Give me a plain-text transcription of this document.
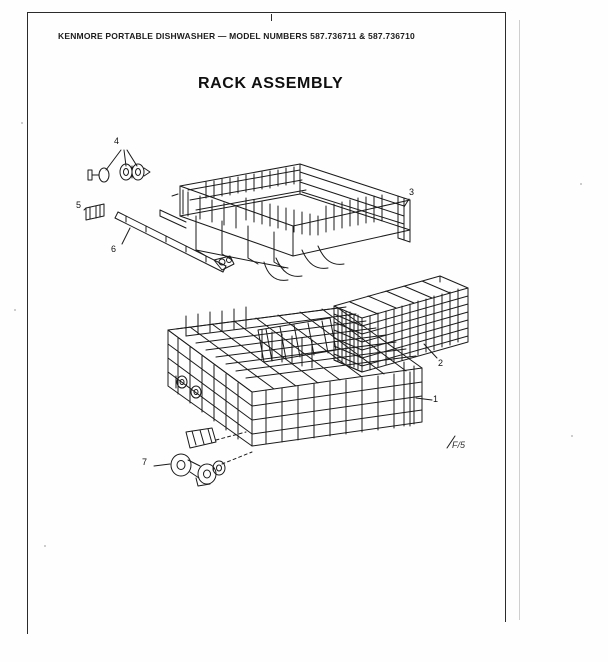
KENMORE PORTABLE DISHWASHER — MODEL NUMBERS 587.736711 & 587.736710
RACK ASSEMBLY
F/5
4
5
6
3
2
1
7
